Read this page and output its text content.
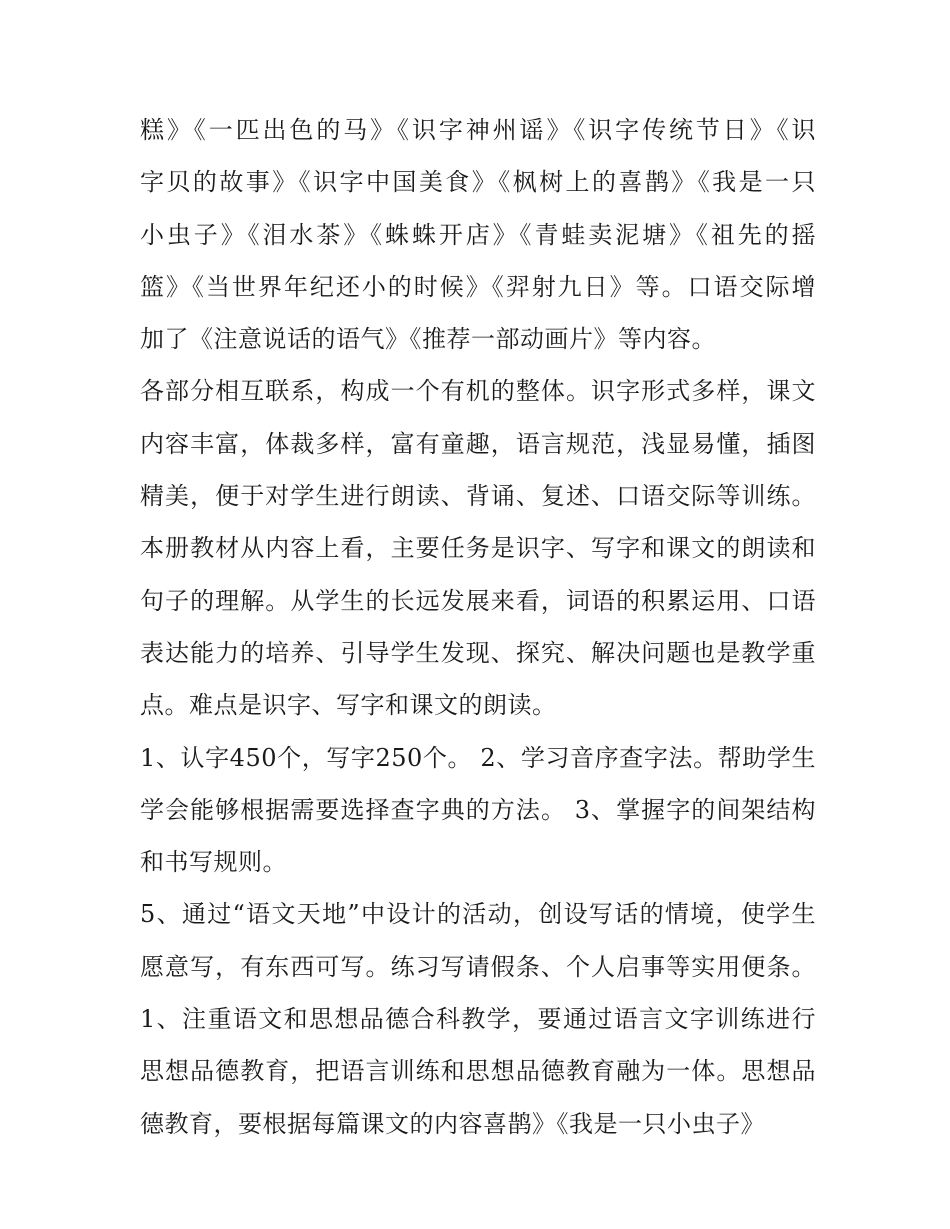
糕》《一匹出色的马》《识字神州谣》《识字传统节日》《识
字贝的故事》《识字中国美食》《枫树上的喜鹊》《我是一只
小虫子》《泪水茶》《蛛蛛开店》《青蛙卖泥塘》《祖先的摇
篮》《当世界年纪还小的时候》《羿射九日》等。口语交际增
加了《注意说话的语气》《推荐一部动画片》等内容。
各部分相互联系，构成一个有机的整体。识字形式多样，课文
内容丰富，体裁多样，富有童趣，语言规范，浅显易懂，插图
精美，便于对学生进行朗读、背诵、复述、口语交际等训练。
本册教材从内容上看，主要任务是识字、写字和课文的朗读和
句子的理解。从学生的长远发展来看，词语的积累运用、口语
表达能力的培养、引导学生发现、探究、解决问题也是教学重
点。难点是识字、写字和课文的朗读。
1、认字450个，写字250个。 2、学习音序查字法。帮助学生
学会能够根据需要选择查字典的方法。 3、掌握字的间架结构
和书写规则。
5、通过“语文天地”中设计的活动，创设写话的情境，使学生
愿意写，有东西可写。练习写请假条、个人启事等实用便条。
1、注重语文和思想品德合科教学，要通过语言文字训练进行
思想品德教育，把语言训练和思想品德教育融为一体。思想品
德教育，要根据每篇课文的内容喜鹊》《我是一只小虫子》
